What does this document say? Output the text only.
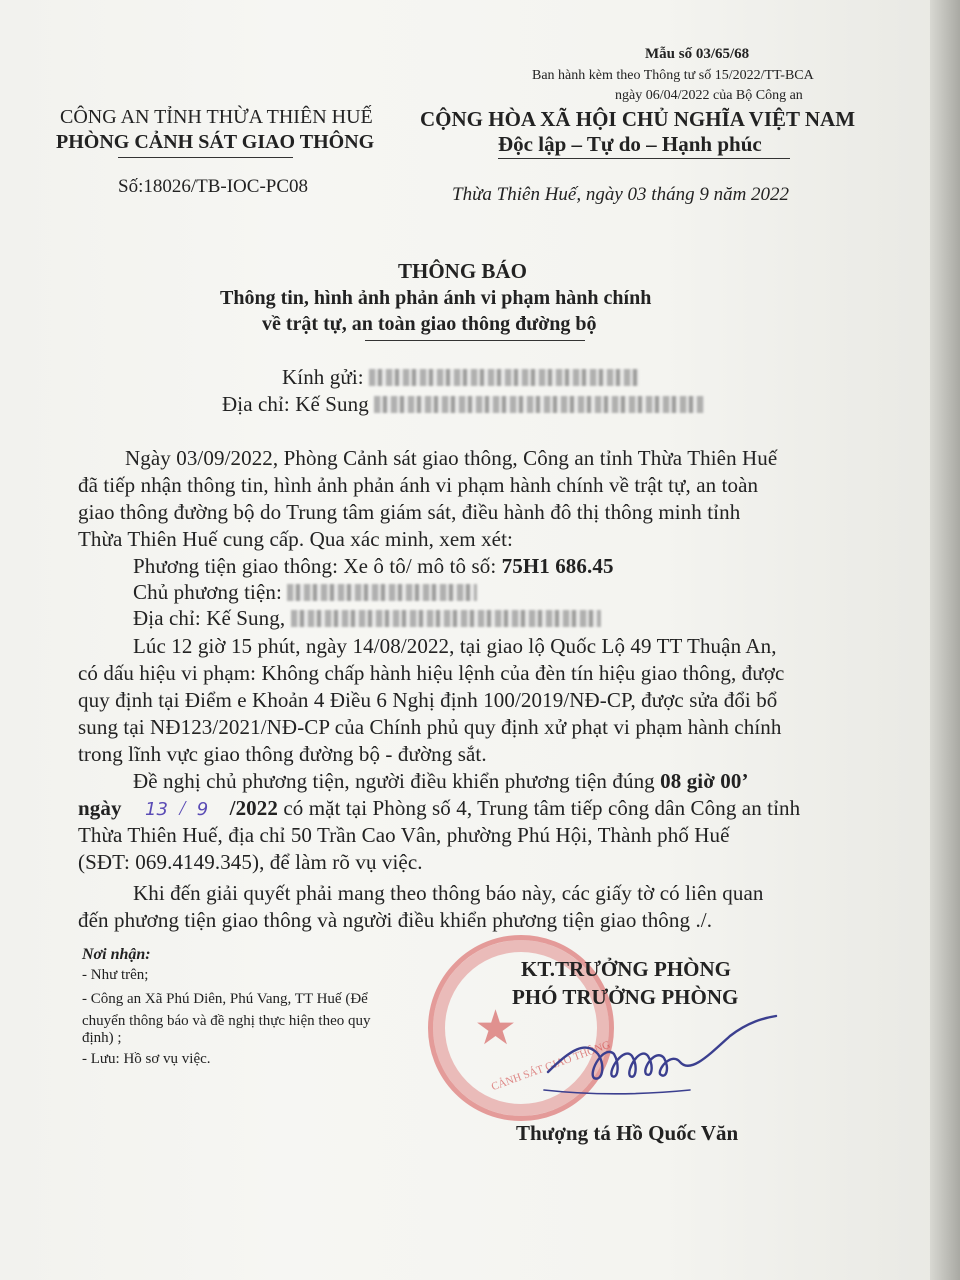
Mẫu số 03/65/68
Ban hành kèm theo Thông tư số 15/2022/TT-BCA
ngày 06/04/2022 của Bộ Công an
CÔNG AN TỈNH THỪA THIÊN HUẾ
PHÒNG CẢNH SÁT GIAO THÔNG
Số:18026/TB-IOC-PC08
CỘNG HÒA XÃ HỘI CHỦ NGHĨA VIỆT NAM
Độc lập – Tự do – Hạnh phúc
Thừa Thiên Huế, ngày 03 tháng 9 năm 2022
THÔNG BÁO
Thông tin, hình ảnh phản ánh vi phạm hành chính
về trật tự, an toàn giao thông đường bộ
Kính gửi:
Địa chỉ: Kế Sung
Ngày 03/09/2022, Phòng Cảnh sát giao thông, Công an tỉnh Thừa Thiên Huế
đã tiếp nhận thông tin, hình ảnh phản ánh vi phạm hành chính về trật tự, an toàn
giao thông đường bộ do Trung tâm giám sát, điều hành đô thị thông minh tỉnh
Thừa Thiên Huế cung cấp. Qua xác minh, xem xét:
Phương tiện giao thông: Xe ô tô/ mô tô số: 75H1 686.45
Chủ phương tiện:
Địa chỉ: Kế Sung,
Lúc 12 giờ 15 phút, ngày 14/08/2022, tại giao lộ Quốc Lộ 49 TT Thuận An,
có dấu hiệu vi phạm: Không chấp hành hiệu lệnh của đèn tín hiệu giao thông, được
quy định tại Điểm e Khoản 4 Điều 6 Nghị định 100/2019/NĐ-CP, được sửa đổi bổ
sung tại NĐ123/2021/NĐ-CP của Chính phủ quy định xử phạt vi phạm hành chính
trong lĩnh vực giao thông đường bộ - đường sắt.
Đề nghị chủ phương tiện, người điều khiển phương tiện đúng 08 giờ 00’
ngày 13 / 9 /2022 có mặt tại Phòng số 4, Trung tâm tiếp công dân Công an tỉnh
Thừa Thiên Huế, địa chỉ 50 Trần Cao Vân, phường Phú Hội, Thành phố Huế
(SĐT: 069.4149.345), để làm rõ vụ việc.
Khi đến giải quyết phải mang theo thông báo này, các giấy tờ có liên quan
đến phương tiện giao thông và người điều khiển phương tiện giao thông ./.
Nơi nhận:
- Như trên;
- Công an Xã Phú Diên, Phú Vang, TT Huế (Để
chuyển thông báo và đề nghị thực hiện theo quy
định) ;
- Lưu: Hồ sơ vụ việc.
★
CẢNH SÁT GIAO THÔNG
KT.TRƯỞNG PHÒNG
PHÓ TRƯỞNG PHÒNG
Thượng tá Hồ Quốc Văn
